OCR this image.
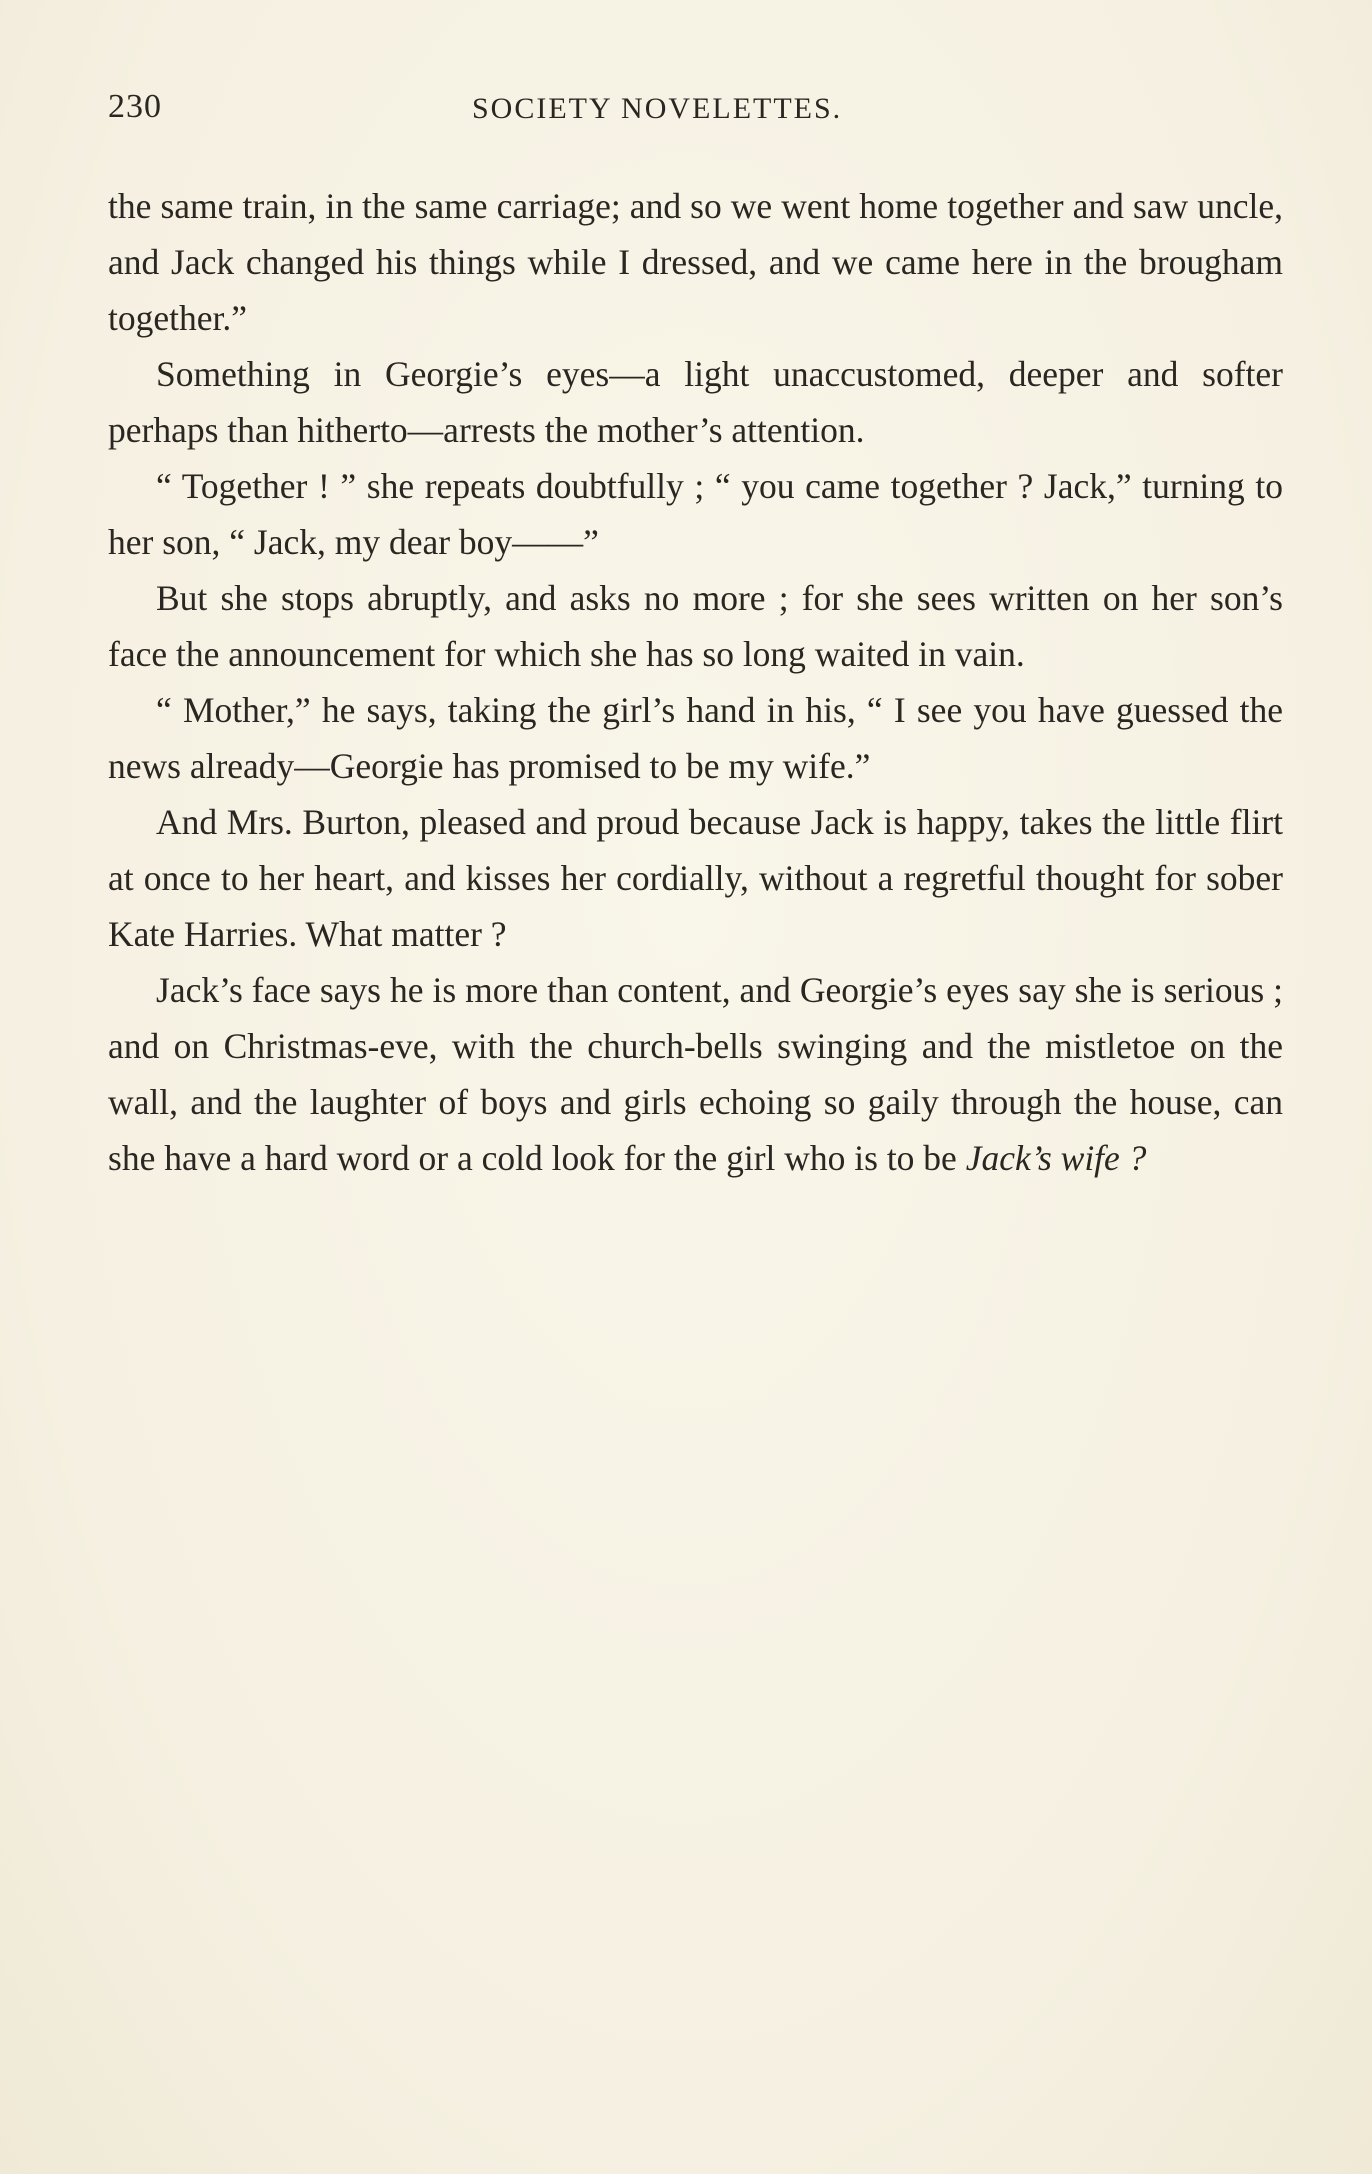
230	SOCIETY NOVELETTES.

the same train, in the same carriage; and so we went home together and saw uncle, and Jack changed his things while I dressed, and we came here in the brougham together.”

Something in Georgie’s eyes—a light unaccustomed, deeper and softer perhaps than hitherto—arrests the mother’s attention.

“ Together ! ” she repeats doubtfully ; “ you came together ? Jack,” turning to her son, “ Jack, my dear boy——”

But she stops abruptly, and asks no more ; for she sees written on her son’s face the announcement for which she has so long waited in vain.

“ Mother,” he says, taking the girl’s hand in his, “ I see you have guessed the news already—Georgie has promised to be my wife.”

And Mrs. Burton, pleased and proud because Jack is happy, takes the little flirt at once to her heart, and kisses her cordially, without a regretful thought for sober Kate Harries. What matter ?

Jack’s face says he is more than content, and Georgie’s eyes say she is serious ; and on Christmas-eve, with the church-bells swinging and the mistletoe on the wall, and the laughter of boys and girls echoing so gaily through the house, can she have a hard word or a cold look for the girl who is to be Jack’s wife ?
